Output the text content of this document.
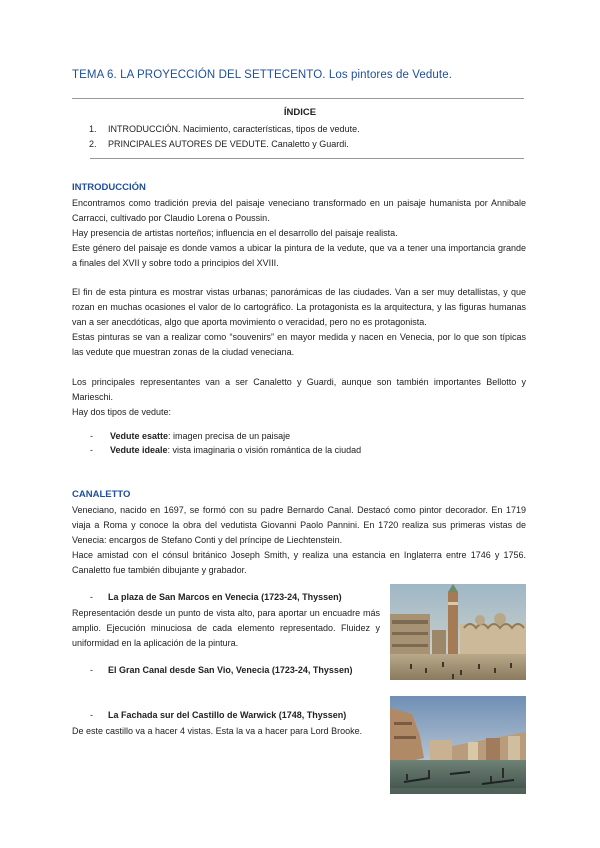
TEMA 6. LA PROYECCIÓN DEL SETTECENTO. Los pintores de Vedute.
ÍNDICE
1. INTRODUCCIÓN. Nacimiento, características, tipos de vedute.
2. PRINCIPALES AUTORES DE VEDUTE. Canaletto y Guardi.
INTRODUCCIÓN

Encontramos como tradición previa del paisaje veneciano transformado en un paisaje humanista por Annibale Carracci, cultivado por Claudio Lorena o Poussin.

Hay presencia de artistas norteños; influencia en el desarrollo del paisaje realista.

Este género del paisaje es donde vamos a ubicar la pintura de la vedute, que va a tener una importancia grande a finales del XVII y sobre todo a principios del XVIII.

El fin de esta pintura es mostrar vistas urbanas; panorámicas de las ciudades. Van a ser muy detallistas, y que rozan en muchas ocasiones el valor de lo cartográfico. La protagonista es la arquitectura, y las figuras humanas van a ser anecdóticas, algo que aporta movimiento o veracidad, pero no es protagonista.

Estas pinturas se van a realizar como “souvenirs” en mayor medida y nacen en Venecia, por lo que son típicas las vedute que muestran zonas de la ciudad veneciana.

Los principales representantes van a ser Canaletto y Guardi, aunque son también importantes Bellotto y Marieschi.

Hay dos tipos de vedute:

- Vedute esatte: imagen precisa de un paisaje
- Vedute ideale: vista imaginaria o visión romántica de la ciudad
CANALETTO

Veneciano, nacido en 1697, se formó con su padre Bernardo Canal. Destacó como pintor decorador. En 1719 viaja a Roma y conoce la obra del vedutista Giovanni Paolo Pannini. En 1720 realiza sus primeras vistas de Venecia: encargos de Stefano Conti y del príncipe de Liechtenstein.

Hace amistad con el cónsul británico Joseph Smith, y realiza una estancia en Inglaterra entre 1746 y 1756. Canaletto fue también dibujante y grabador.

- La plaza de San Marcos en Venecia (1723-24, Thyssen)
Representación desde un punto de vista alto, para aportar un encuadre más amplio. Ejecución minuciosa de cada elemento representado. Fluidez y uniformidad en la aplicación de la pintura.
- El Gran Canal desde San Vio, Venecia (1723-24, Thyssen)
- La Fachada sur del Castillo de Warwick (1748, Thyssen)
De este castillo va a hacer 4 vistas. Esta la va a hacer para Lord Brooke.
